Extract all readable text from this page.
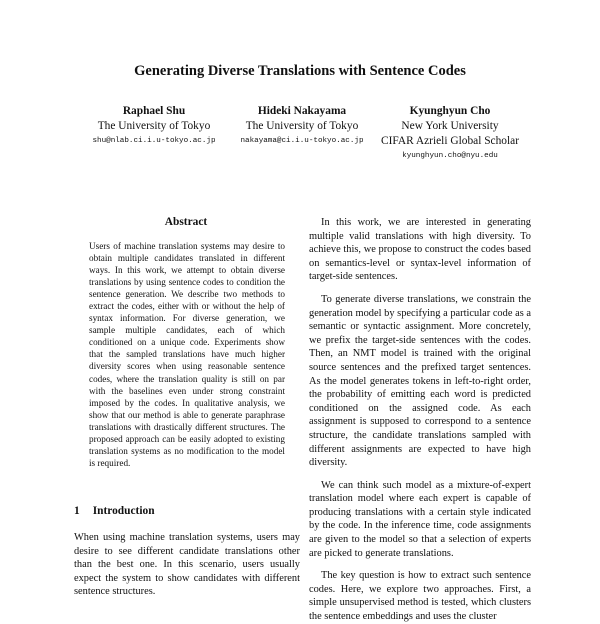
Generating Diverse Translations with Sentence Codes
Raphael Shu
The University of Tokyo
shu@nlab.ci.i.u-tokyo.ac.jp
Hideki Nakayama
The University of Tokyo
nakayama@ci.i.u-tokyo.ac.jp
Kyunghyun Cho
New York University
CIFAR Azrieli Global Scholar
kyunghyun.cho@nyu.edu
Abstract

Users of machine translation systems may desire to obtain multiple candidates translated in different ways. In this work, we attempt to obtain diverse translations by using sentence codes to condition the sentence generation. We describe two methods to extract the codes, either with or without the help of syntax information. For diverse generation, we sample multiple candidates, each of which conditioned on a unique code. Experiments show that the sampled translations have much higher diversity scores when using reasonable sentence codes, where the translation quality is still on par with the baselines even under strong constraint imposed by the codes. In qualitative analysis, we show that our method is able to generate paraphrase translations with drastically different structures. The proposed approach can be easily adopted to existing translation systems as no modification to the model is required.

1 Introduction

When using machine translation systems, users may desire to see different candidate translations other than the best one. In this scenario, users usually expect the system to show candidates with different sentence structures.

In this work, we are interested in generating multiple valid translations with high diversity. To achieve this, we propose to construct the codes based on semantics-level or syntax-level information of target-side sentences.

To generate diverse translations, we constrain the generation model by specifying a particular code as a semantic or syntactic assignment. More concretely, we prefix the target-side sentences with the codes. Then, an NMT model is trained with the original source sentences and the prefixed target sentences. As the model generates tokens in left-to-right order, the probability of emitting each word is predicted conditioned on the assigned code. As each assignment is supposed to correspond to a sentence structure, the candidate translations sampled with different assignments are expected to have high diversity.

We can think such model as a mixture-of-expert translation model where each expert is capable of producing translations with a certain style indicated by the code. In the inference time, code assignments are given to the model so that a selection of experts are picked to generate translations.

The key question is how to extract such sentence codes. Here, we explore two approaches. First, a simple unsupervised method is tested, which clusters the sentence embeddings and uses the cluster
